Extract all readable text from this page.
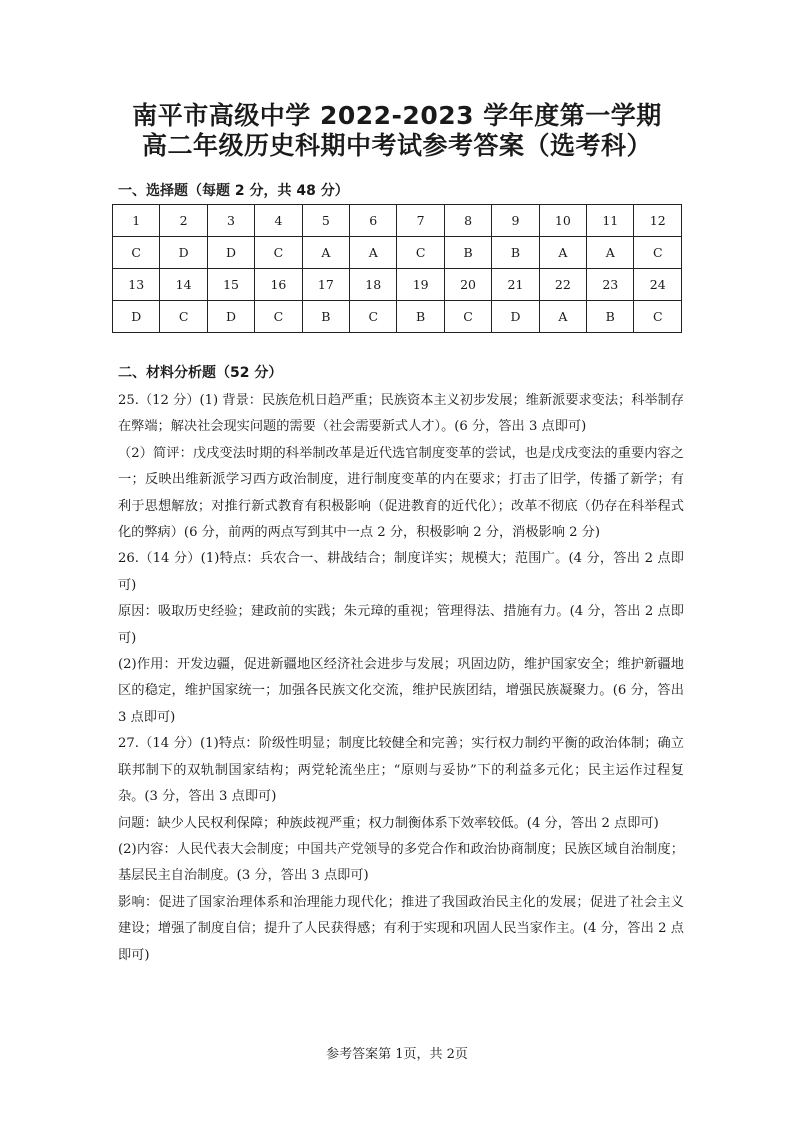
南平市高级中学 2022-2023 学年度第一学期
高二年级历史科期中考试参考答案（选考科）
一、选择题（每题 2 分，共 48 分）
1	2	3	4	5	6	7	8	9	10	11	12
C	D	D	C	A	A	C	B	B	A	A	C
13	14	15	16	17	18	19	20	21	22	23	24
D	C	D	C	B	C	B	C	D	A	B	C
二、材料分析题（52 分）

25.（12 分）(1) 背景：民族危机日趋严重；民族资本主义初步发展；维新派要求变法；科举制存在弊端；解决社会现实问题的需要（社会需要新式人才）。(6 分，答出 3 点即可)

（2）简评：戊戌变法时期的科举制改革是近代选官制度变革的尝试，也是戊戌变法的重要内容之一；反映出维新派学习西方政治制度，进行制度变革的内在要求；打击了旧学，传播了新学；有利于思想解放；对推行新式教育有积极影响（促进教育的近代化）；改革不彻底（仍存在科举程式化的弊病）(6 分，前两的两点写到其中一点 2 分，积极影响 2 分，消极影响 2 分)

26.（14 分）(1)特点：兵农合一、耕战结合；制度详实；规模大；范围广。(4 分，答出 2 点即可)

原因：吸取历史经验；建政前的实践；朱元璋的重视；管理得法、措施有力。(4 分，答出 2 点即可)

(2)作用：开发边疆，促进新疆地区经济社会进步与发展；巩固边防，维护国家安全；维护新疆地区的稳定，维护国家统一；加强各民族文化交流，维护民族团结，增强民族凝聚力。(6 分，答出 3 点即可)

27.（14 分）(1)特点：阶级性明显；制度比较健全和完善；实行权力制约平衡的政治体制；确立联邦制下的双轨制国家结构；两党轮流坐庄；“原则与妥协”下的利益多元化；民主运作过程复杂。(3 分，答出 3 点即可)

问题：缺少人民权利保障；种族歧视严重；权力制衡体系下效率较低。(4 分，答出 2 点即可)

(2)内容：人民代表大会制度；中国共产党领导的多党合作和政治协商制度；民族区域自治制度；基层民主自治制度。(3 分，答出 3 点即可)

影响：促进了国家治理体系和治理能力现代化；推进了我国政治民主化的发展；促进了社会主义建设；增强了制度自信；提升了人民获得感；有利于实现和巩固人民当家作主。(4 分，答出 2 点即可)

参考答案第 1页，共 2页
